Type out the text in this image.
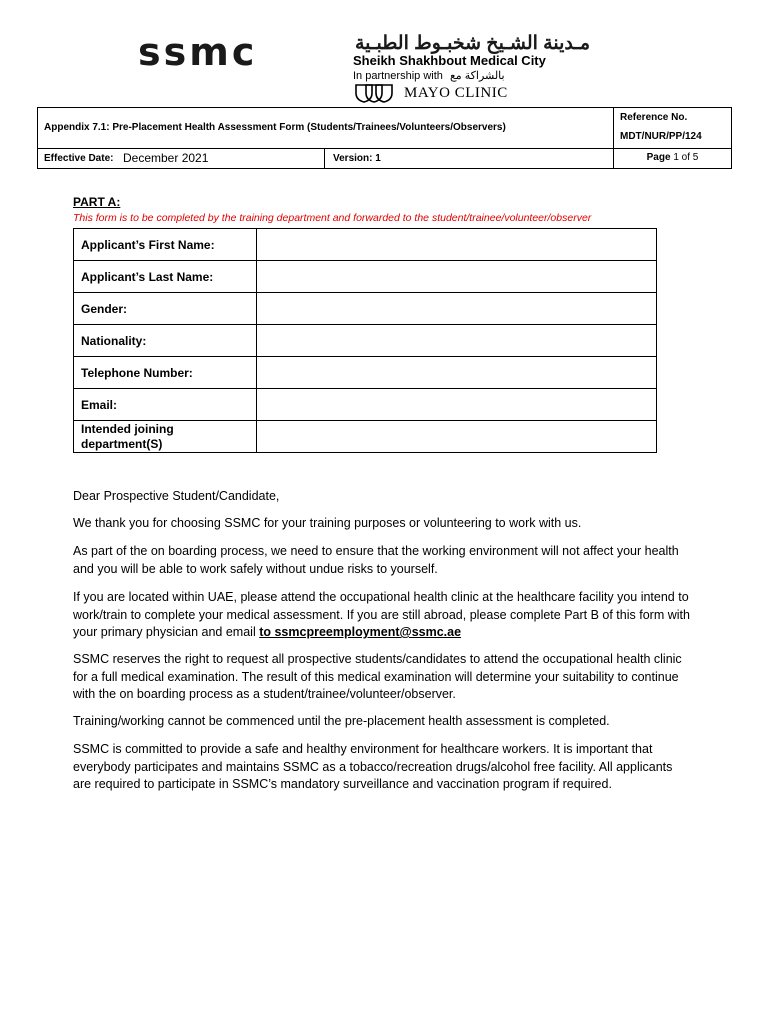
ssmc	مـدينة الشـيخ شخبـوط الطبـية
Sheikh Shakhbout Medical City
In partnership with بالشراكة مع
MAYO CLINIC
Appendix 7.1: Pre-Placement Health Assessment Form (Students/Trainees/Volunteers/Observers)
Reference No.
MDT/NUR/PP/124
Effective Date: December 2021	Version: 1	Page 1 of 5
PART A:
This form is to be completed by the training department and forwarded to the student/trainee/volunteer/observer
Applicant’s First Name:	
Applicant’s Last Name:	
Gender:	
Nationality:	
Telephone Number:	
Email:	
Intended joining department(S)	
Dear Prospective Student/Candidate,
We thank you for choosing SSMC for your training purposes or volunteering to work with us.
As part of the on boarding process, we need to ensure that the working environment will not affect your health and you will be able to work safely without undue risks to yourself.
If you are located within UAE, please attend the occupational health clinic at the healthcare facility you intend to work/train to complete your medical assessment. If you are still abroad, please complete Part B of this form with your primary physician and email to ssmcpreemployment@ssmc.ae
SSMC reserves the right to request all prospective students/candidates to attend the occupational health clinic for a full medical examination. The result of this medical examination will determine your suitability to continue with the on boarding process as a student/trainee/volunteer/observer.
Training/working cannot be commenced until the pre-placement health assessment is completed.
SSMC is committed to provide a safe and healthy environment for healthcare workers. It is important that everybody participates and maintains SSMC as a tobacco/recreation drugs/alcohol free facility. All applicants are required to participate in SSMC’s mandatory surveillance and vaccination program if required.
